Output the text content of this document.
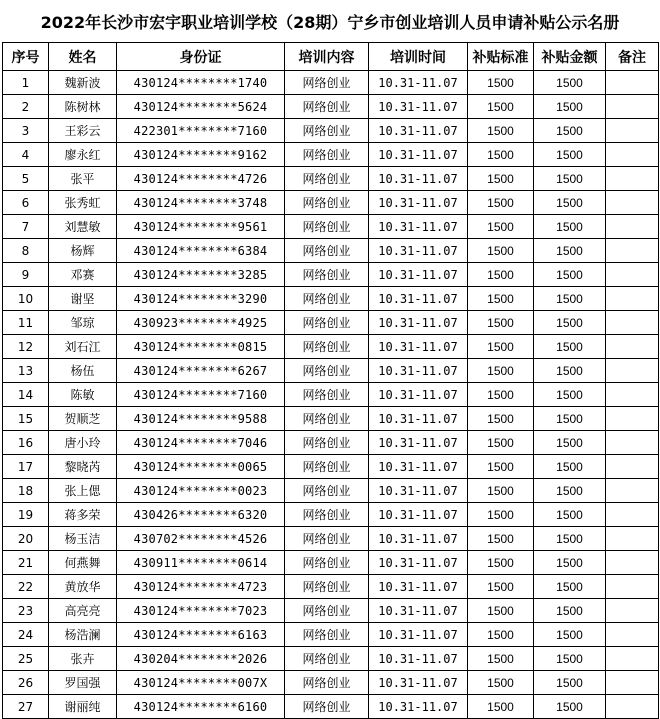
2022年长沙市宏宇职业培训学校（28期）宁乡市创业培训人员申请补贴公示名册
序号	姓名	身份证	培训内容	培训时间	补贴标准	补贴金额	备注
1	魏新波	430124********1740	网络创业	10.31-11.07	1500	1500	
2	陈树林	430124********5624	网络创业	10.31-11.07	1500	1500	
3	王彩云	422301********7160	网络创业	10.31-11.07	1500	1500	
4	廖永红	430124********9162	网络创业	10.31-11.07	1500	1500	
5	张平	430124********4726	网络创业	10.31-11.07	1500	1500	
6	张秀虹	430124********3748	网络创业	10.31-11.07	1500	1500	
7	刘慧敏	430124********9561	网络创业	10.31-11.07	1500	1500	
8	杨辉	430124********6384	网络创业	10.31-11.07	1500	1500	
9	邓赛	430124********3285	网络创业	10.31-11.07	1500	1500	
10	谢坚	430124********3290	网络创业	10.31-11.07	1500	1500	
11	邹琼	430923********4925	网络创业	10.31-11.07	1500	1500	
12	刘石江	430124********0815	网络创业	10.31-11.07	1500	1500	
13	杨伍	430124********6267	网络创业	10.31-11.07	1500	1500	
14	陈敏	430124********7160	网络创业	10.31-11.07	1500	1500	
15	贺顺芝	430124********9588	网络创业	10.31-11.07	1500	1500	
16	唐小玲	430124********7046	网络创业	10.31-11.07	1500	1500	
17	黎晓芮	430124********0065	网络创业	10.31-11.07	1500	1500	
18	张上偲	430124********0023	网络创业	10.31-11.07	1500	1500	
19	蒋多荣	430426********6320	网络创业	10.31-11.07	1500	1500	
20	杨玉洁	430702********4526	网络创业	10.31-11.07	1500	1500	
21	何燕舞	430911********0614	网络创业	10.31-11.07	1500	1500	
22	黄放华	430124********4723	网络创业	10.31-11.07	1500	1500	
23	高亮亮	430124********7023	网络创业	10.31-11.07	1500	1500	
24	杨浩澜	430124********6163	网络创业	10.31-11.07	1500	1500	
25	张卉	430204********2026	网络创业	10.31-11.07	1500	1500	
26	罗国强	430124********007X	网络创业	10.31-11.07	1500	1500	
27	谢丽纯	430124********6160	网络创业	10.31-11.07	1500	1500	
